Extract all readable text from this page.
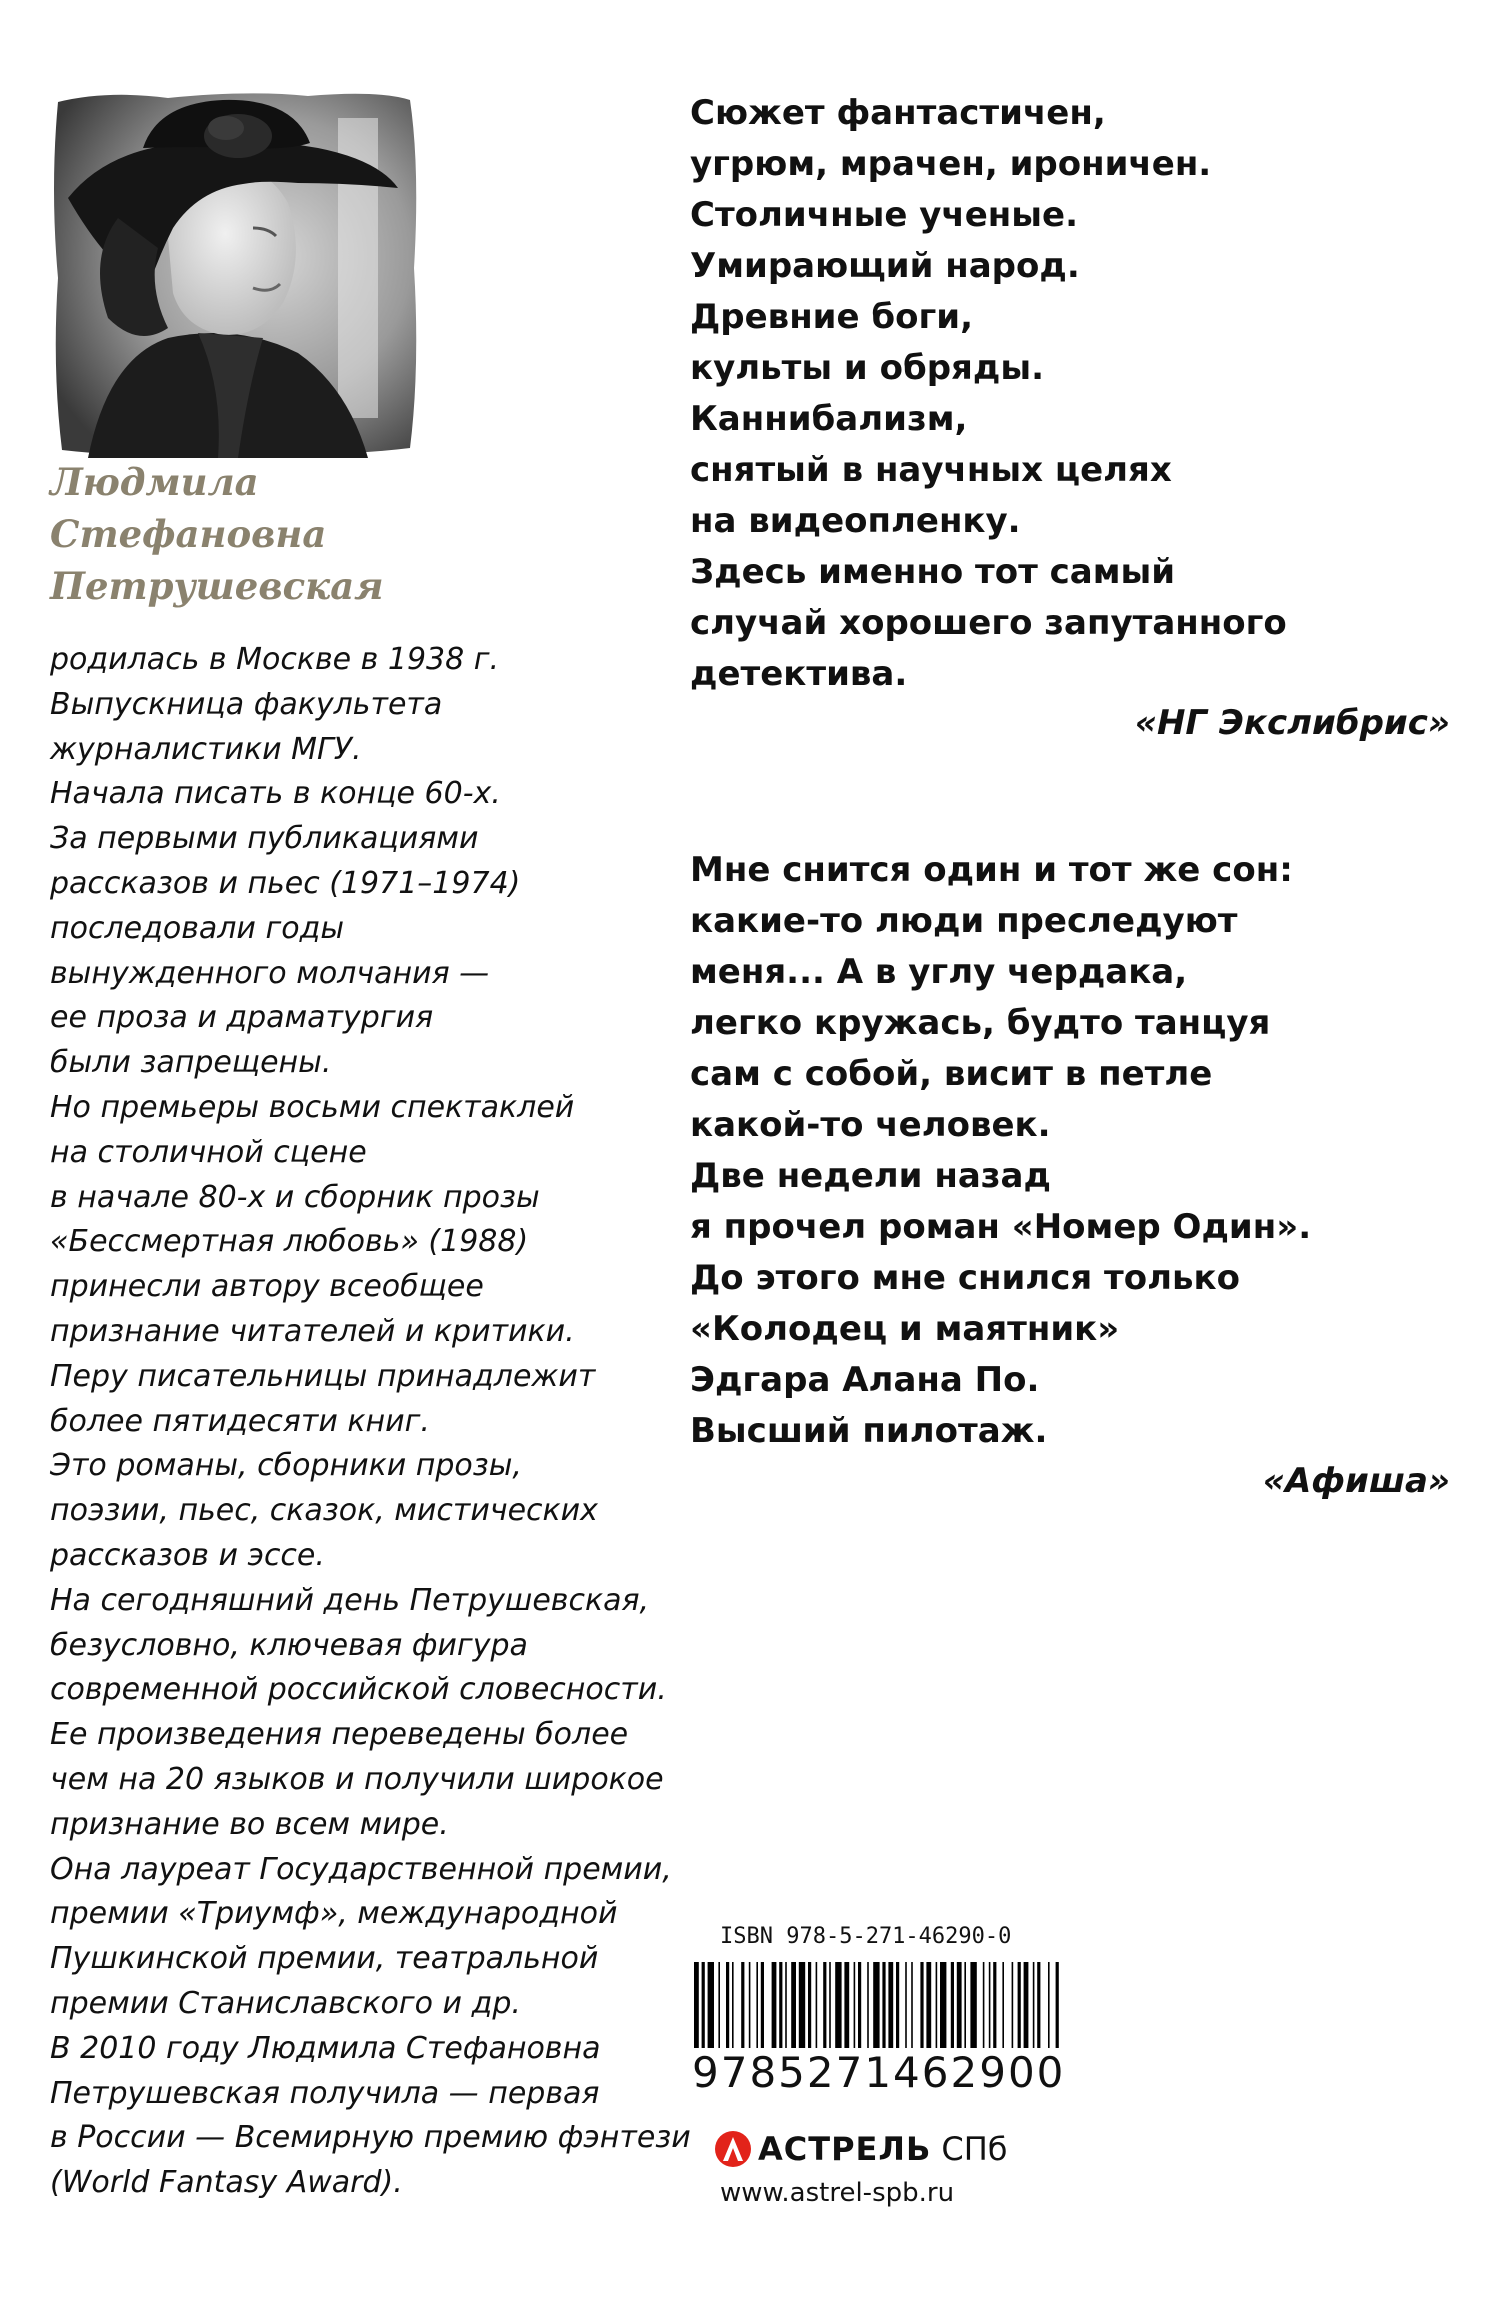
Людмила
Стефановна
Петрушевская
родилась в Москве в 1938 г.
Выпускница факультета
журналистики МГУ.
Начала писать в конце 60-х.
За первыми публикациями
рассказов и пьес (1971–1974)
последовали годы
вынужденного молчания —
ее проза и драматургия
были запрещены.
Но премьеры восьми спектаклей
на столичной сцене
в начале 80-х и сборник прозы
«Бессмертная любовь» (1988)
принесли автору всеобщее
признание читателей и критики.
Перу писательницы принадлежит
более пятидесяти книг.
Это романы, сборники прозы,
поэзии, пьес, сказок, мистических
рассказов и эссе.
На сегодняшний день Петрушевская,
безусловно, ключевая фигура
современной российской словесности.
Ее произведения переведены более
чем на 20 языков и получили широкое
признание во всем мире.
Она лауреат Государственной премии,
премии «Триумф», международной
Пушкинской премии, театральной
премии Станиславского и др.
В 2010 году Людмила Стефановна
Петрушевская получила — первая
в России — Всемирную премию фэнтези
(World Fantasy Award).
Сюжет фантастичен,
угрюм, мрачен, ироничен.
Столичные ученые.
Умирающий народ.
Древние боги,
культы и обряды.
Каннибализм,
снятый в научных целях
на видеопленку.
Здесь именно тот самый
случай хорошего запутанного
детектива.
«НГ Экслибрис»
Мне снится один и тот же сон:
какие-то люди преследуют
меня... А в углу чердака,
легко кружась, будто танцуя
сам с собой, висит в петле
какой-то человек.
Две недели назад
я прочел роман «Номер Один».
До этого мне снился только
«Колодец и маятник»
Эдгара Алана По.
Высший пилотаж.
«Афиша»
ISBN 978-5-271-46290-0
9785271462900
АСТРЕЛЬ СПб
www.astrel-spb.ru
